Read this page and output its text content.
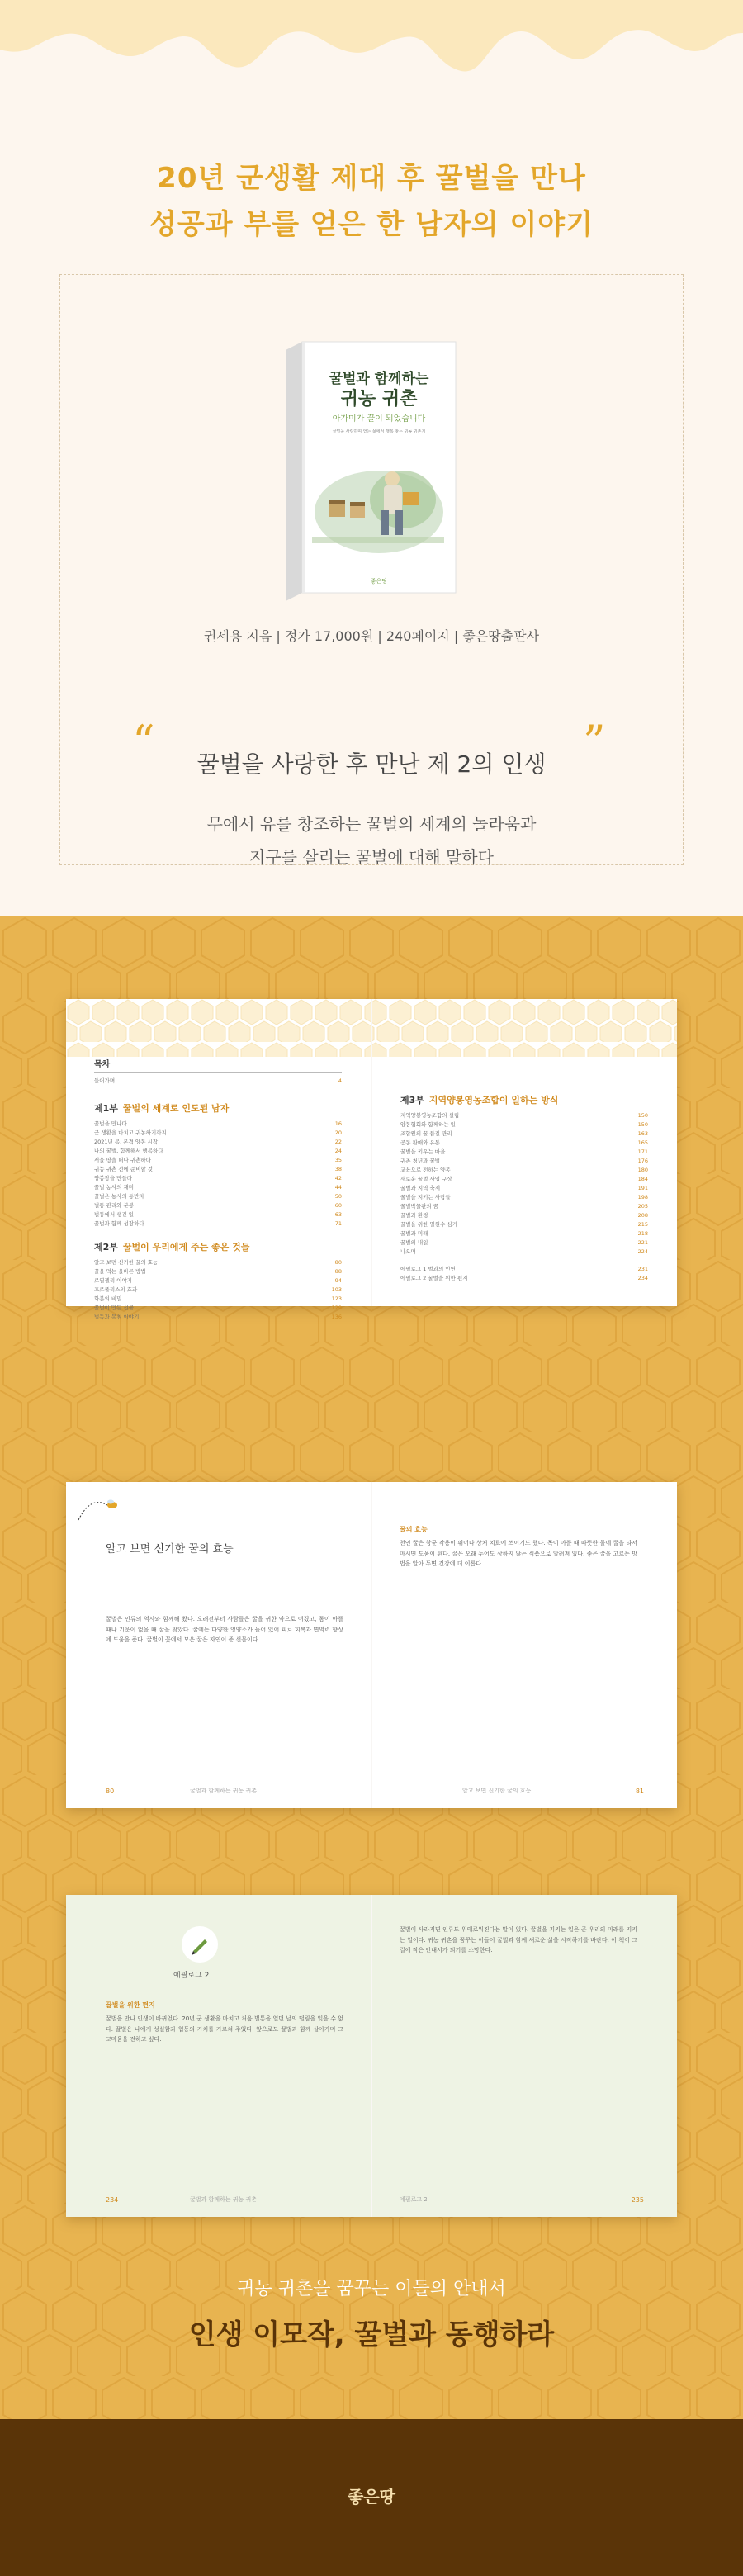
20년 군생활 제대 후 꿀벌을 만나
성공과 부를 얻은 한 남자의 이야기
꿀벌과 함께하는
귀농 귀촌
아가미가 꿀이 되었습니다
꿀벌을 사랑하며 얻는 삶에서 행복 찾는 귀농 귀촌기
좋은땅
권세용 지음 | 정가 17,000원 | 240페이지 | 좋은땅출판사
“	꿀벌을 사랑한 후 만난 제 2의 인생 ”
무에서 유를 창조하는 꿀벌의 세계의 놀라움과
지구를 살리는 꿀벌에 대해 말하다
목차
들어가며	4
제1부 꿀벌의 세계로 인도된 남자
꿀벌을 만나다	16
군 생활을 마치고 귀농하기까지	20
2021년 봄, 본격 양봉 시작	22
나의 꿀벌, 함께해서 행복하다	24
서울 땅을 떠나 귀촌하다	35
귀농 귀촌 전에 준비할 것	38
양봉장을 만들다	42
꿀벌 농사의 재미	44
꿀벌은 농사의 동반자	50
벌통 관리와 분봉	60
벌통에서 생긴 일	63
꿀벌과 함께 성장하다	71
제2부 꿀벌이 우리에게 주는 좋은 것들
알고 보면 신기한 꿀의 효능	80
꿀을 먹는 올바른 방법	88
로열젤리 이야기	94
프로폴리스의 효과	103
화분의 비밀	123
꿀벌이 만든 선물	129
벌독과 봉침 이야기	136
제3부 지역양봉영농조합이 일하는 방식
지역양봉영농조합의 설립	150
양봉협회와 함께하는 일	150
조합원의 꿀 품질 관리	163
공동 판매와 유통	165
꿀벌을 키우는 마을	171
귀촌 청년과 꿀벌	176
교육으로 전하는 양봉	180
새로운 꿀벌 사업 구상	184
꿀벌과 지역 축제	191
꿀벌을 지키는 사람들	198
꿀벌박물관의 꿈	205
꿀벌과 환경	208
꿀벌을 위한 밀원수 심기	215
꿀벌과 미래	218
꿀벌의 내일	221
나오며	224
에필로그 1 벌과의 인연	231
에필로그 2 꿀벌을 위한 편지	234
알고 보면 신기한 꿀의 효능
꿀벌은 인류의 역사와 함께해 왔다. 오래전부터 사람들은 꿀을 귀한 약으로 여겼고, 몸이 아플 때나 기운이 없을 때 꿀을 찾았다. 꿀에는 다양한 영양소가 들어 있어 피로 회복과 면역력 향상에 도움을 준다. 꿀벌이 꽃에서 모은 꿀은 자연이 준 선물이다.
80	꿀벌과 함께하는 귀농 귀촌
꿀의 효능
천연 꿀은 항균 작용이 뛰어나 상처 치료에 쓰이기도 했다. 목이 아플 때 따뜻한 물에 꿀을 타서 마시면 도움이 된다. 꿀은 오래 두어도 상하지 않는 식품으로 알려져 있다. 좋은 꿀을 고르는 방법을 알아 두면 건강에 더 이롭다.
알고 보면 신기한 꿀의 효능	81
에필로그 2
꿀벌을 위한 편지
꿀벌을 만나 인생이 바뀌었다. 20년 군 생활을 마치고 처음 벌통을 열던 날의 떨림을 잊을 수 없다. 꿀벌은 나에게 성실함과 협동의 가치를 가르쳐 주었다. 앞으로도 꿀벌과 함께 살아가며 그 고마움을 전하고 싶다.
234	꿀벌과 함께하는 귀농 귀촌
꿀벌이 사라지면 인류도 위태로워진다는 말이 있다. 꿀벌을 지키는 일은 곧 우리의 미래를 지키는 일이다. 귀농 귀촌을 꿈꾸는 이들이 꿀벌과 함께 새로운 삶을 시작하기를 바란다. 이 책이 그 길에 작은 안내서가 되기를 소망한다.
에필로그 2	235
귀농 귀촌을 꿈꾸는 이들의 안내서
인생 이모작, 꿀벌과 동행하라
좋은땅
